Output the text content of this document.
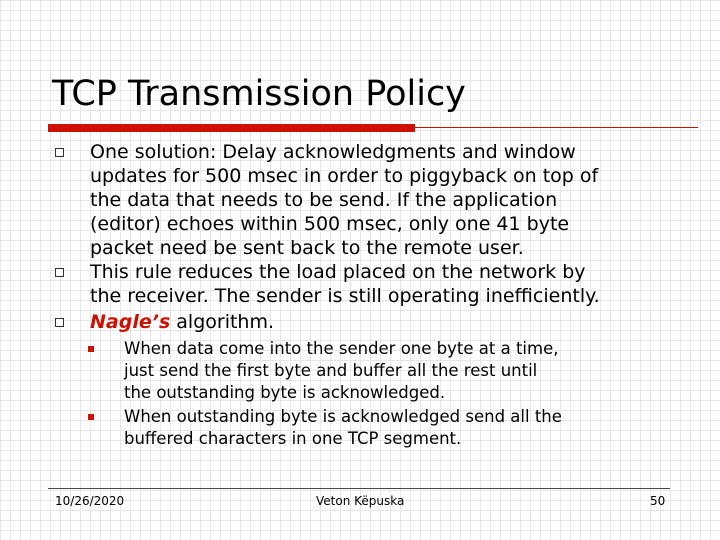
TCP Transmission Policy
One solution: Delay acknowledgments and window
updates for 500 msec in order to piggyback on top of
the data that needs to be send. If the application
(editor) echoes within 500 msec, only one 41 byte
packet need be sent back to the remote user.
This rule reduces the load placed on the network by
the receiver. The sender is still operating inefficiently.
Nagle’s algorithm.
When data come into the sender one byte at a time,
just send the first byte and buffer all the rest until
the outstanding byte is acknowledged.
When outstanding byte is acknowledged send all the
buffered characters in one TCP segment.
10/26/2020	Veton Këpuska	50
